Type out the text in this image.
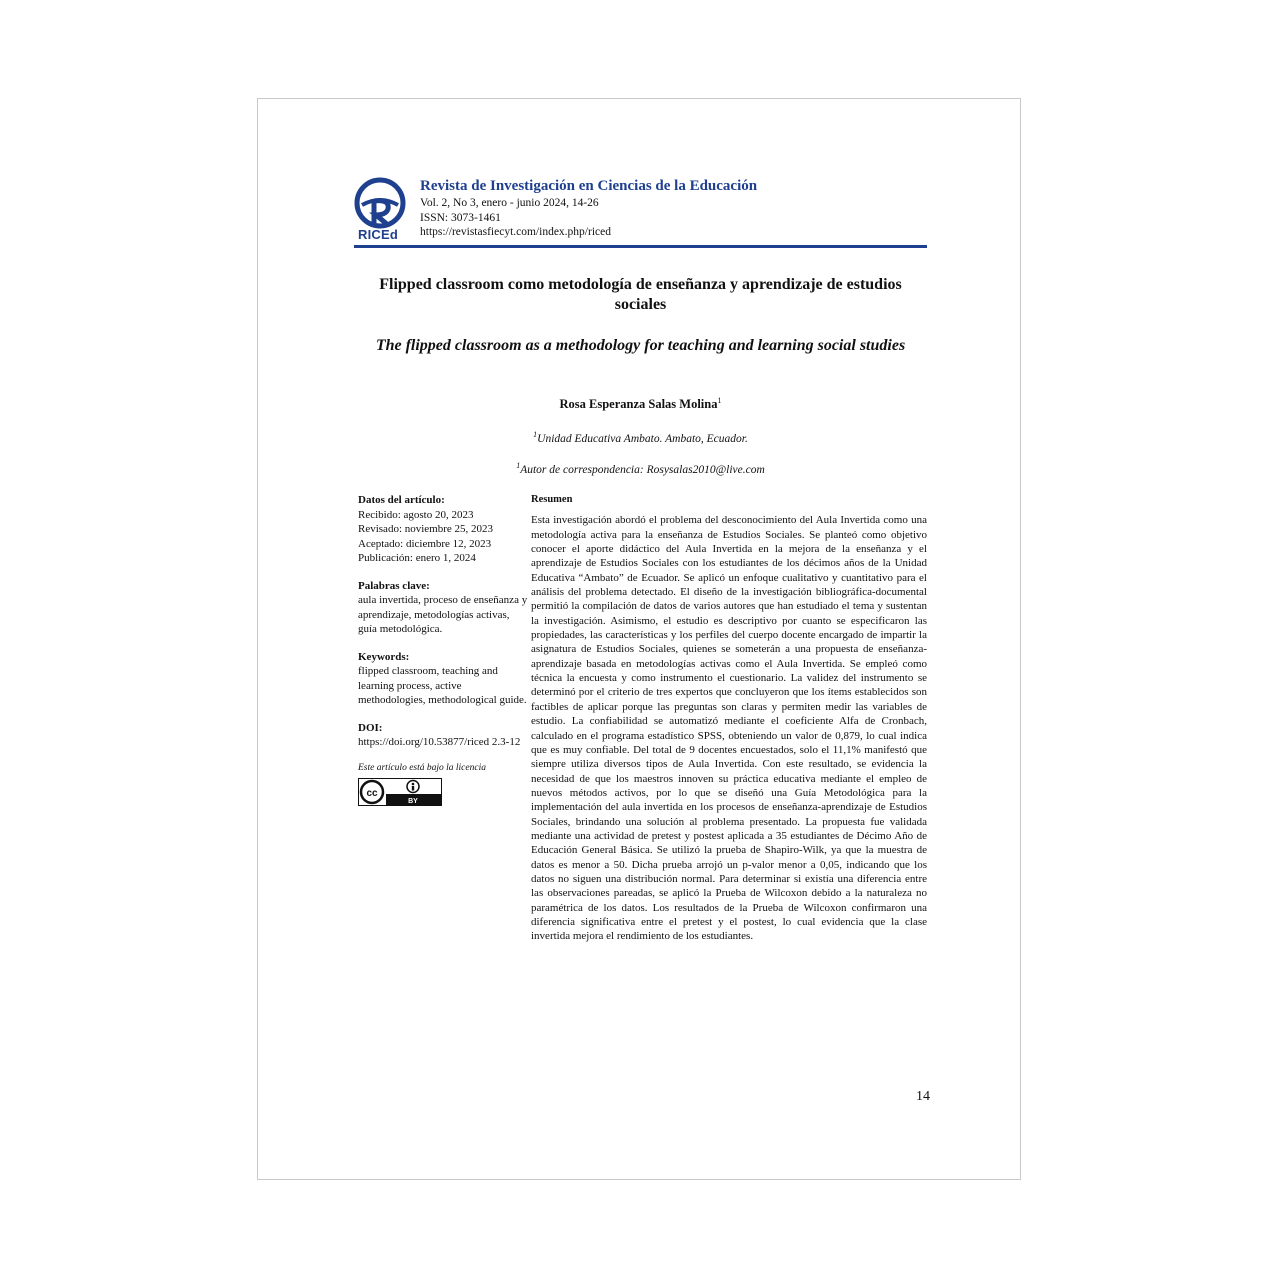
RICEd
Revista de Investigación en Ciencias de la Educación
Vol. 2, No 3, enero - junio 2024, 14-26
ISSN: 3073-1461
https://revistasfiecyt.com/index.php/riced
Flipped classroom como metodología de enseñanza y aprendizaje de estudios sociales
The flipped classroom as a methodology for teaching and learning social studies
Rosa Esperanza Salas Molina$^1$
$^1$Unidad Educativa Ambato. Ambato, Ecuador.
$^1$Autor de correspondencia: Rosysalas2010@live.com
Datos del artículo:
Recibido: agosto 20, 2023
Revisado: noviembre 25, 2023
Aceptado: diciembre 12, 2023
Publicación: enero 1, 2024
Palabras clave:
aula invertida, proceso de enseñanza y aprendizaje, metodologías activas, guía metodológica.
Keywords:
flipped classroom, teaching and learning process, active methodologies, methodological guide.
DOI:
https://doi.org/10.53877/riced 2.3-12
Este artículo está bajo la licencia
cc
BY
Resumen

Esta investigación abordó el problema del desconocimiento del Aula Invertida como una metodología activa para la enseñanza de Estudios Sociales. Se planteó como objetivo conocer el aporte didáctico del Aula Invertida en la mejora de la enseñanza y el aprendizaje de Estudios Sociales con los estudiantes de los décimos años de la Unidad Educativa “Ambato” de Ecuador. Se aplicó un enfoque cualitativo y cuantitativo para el análisis del problema detectado. El diseño de la investigación bibliográfica-documental permitió la compilación de datos de varios autores que han estudiado el tema y sustentan la investigación. Asimismo, el estudio es descriptivo por cuanto se especificaron las propiedades, las características y los perfiles del cuerpo docente encargado de impartir la asignatura de Estudios Sociales, quienes se someterán a una propuesta de enseñanza-aprendizaje basada en metodologías activas como el Aula Invertida. Se empleó como técnica la encuesta y como instrumento el cuestionario. La validez del instrumento se determinó por el criterio de tres expertos que concluyeron que los ítems establecidos son factibles de aplicar porque las preguntas son claras y permiten medir las variables de estudio. La confiabilidad se automatizó mediante el coeficiente Alfa de Cronbach, calculado en el programa estadístico SPSS, obteniendo un valor de 0,879, lo cual indica que es muy confiable. Del total de 9 docentes encuestados, solo el 11,1% manifestó que siempre utiliza diversos tipos de Aula Invertida. Con este resultado, se evidencia la necesidad de que los maestros innoven su práctica educativa mediante el empleo de nuevos métodos activos, por lo que se diseñó una Guía Metodológica para la implementación del aula invertida en los procesos de enseñanza-aprendizaje de Estudios Sociales, brindando una solución al problema presentado. La propuesta fue validada mediante una actividad de pretest y postest aplicada a 35 estudiantes de Décimo Año de Educación General Básica. Se utilizó la prueba de Shapiro-Wilk, ya que la muestra de datos es menor a 50. Dicha prueba arrojó un p-valor menor a 0,05, indicando que los datos no siguen una distribución normal. Para determinar si existía una diferencia entre las observaciones pareadas, se aplicó la Prueba de Wilcoxon debido a la naturaleza no paramétrica de los datos. Los resultados de la Prueba de Wilcoxon confirmaron una diferencia significativa entre el pretest y el postest, lo cual evidencia que la clase invertida mejora el rendimiento de los estudiantes.

14
